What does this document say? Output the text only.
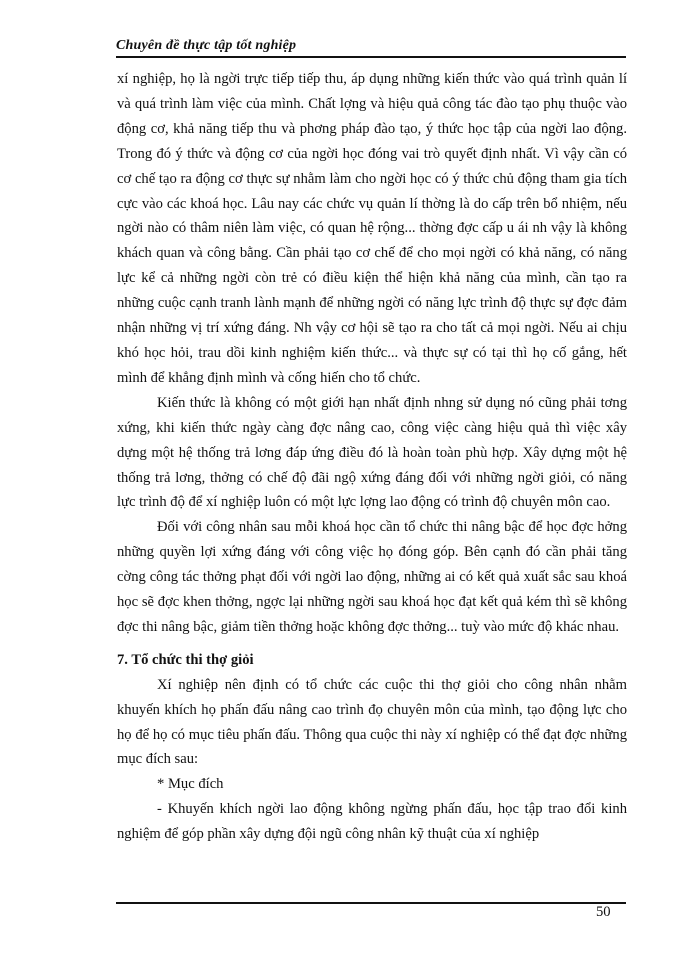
Chuyên đề thực tập tốt nghiệp

xí nghiệp, họ là ngời trực tiếp tiếp thu, áp dụng những kiến thức vào quá trình quản lí và quá trình làm việc của mình. Chất lợng và hiệu quả công tác đào tạo phụ thuộc vào động cơ, khả năng tiếp thu và phơng pháp đào tạo, ý thức học tập của ngời lao động. Trong đó ý thức và động cơ của ngời học đóng vai trò quyết định nhất. Vì vậy cần có cơ chế tạo ra động cơ thực sự nhằm làm cho ngời học có ý thức chủ động tham gia tích cực vào các khoá học. Lâu nay các chức vụ quản lí thờng là do cấp trên bổ nhiệm, nếu ngời nào có thâm niên làm việc, có quan hệ rộng... thờng đợc cấp u ái nh vậy là không khách quan và công bằng. Cần phải tạo cơ chế để cho mọi ngời có khả năng, có năng lực kể cả những ngời còn trẻ có điều kiện thể hiện khả năng của mình, cần tạo ra những cuộc cạnh tranh lành mạnh để những ngời có năng lực trình độ thực sự đợc đảm nhận những vị trí xứng đáng. Nh vậy cơ hội sẽ tạo ra cho tất cả mọi ngời. Nếu ai chịu khó học hỏi, trau dồi kinh nghiệm kiến thức... và thực sự có tại thì họ cố gắng, hết mình để khẳng định mình và cống hiến cho tổ chức.

Kiến thức là không có một giới hạn nhất định nhng sử dụng nó cũng phải tơng xứng, khi kiến thức ngày càng đợc nâng cao, công việc càng hiệu quả thì việc xây dựng một hệ thống trả lơng đáp ứng điều đó là hoàn toàn phù hợp. Xây dựng một hệ thống trả lơng, thởng có chế độ đãi ngộ xứng đáng đối với những ngời giỏi, có năng lực trình độ để xí nghiệp luôn có một lực lợng lao động có trình độ chuyên môn cao.

Đối với công nhân sau mỗi khoá học cần tổ chức thi nâng bậc để học đợc hởng những quyền lợi xứng đáng với công việc họ đóng góp. Bên cạnh đó cần phải tăng cờng công tác thởng phạt đối với ngời lao động, những ai có kết quả xuất sắc sau khoá học sẽ đợc khen thởng, ngợc lại những ngời sau khoá học đạt kết quả kém thì sẽ không đợc thi nâng bậc, giảm tiền thởng hoặc không đợc thởng... tuỳ vào mức độ khác nhau.

7. Tổ chức thi thợ giỏi

Xí nghiệp nên định có tổ chức các cuộc thi thợ giỏi cho công nhân nhằm khuyến khích họ phấn đấu nâng cao trình đọ chuyên môn của mình, tạo động lực cho họ để họ có mục tiêu phấn đấu. Thông qua cuộc thi này xí nghiệp có thể đạt đợc những mục đích sau:

* Mục đích

- Khuyến khích ngời lao động không ngừng phấn đấu, học tập trao đổi kinh nghiệm để góp phần xây dựng đội ngũ công nhân kỹ thuật của xí nghiệp

50
